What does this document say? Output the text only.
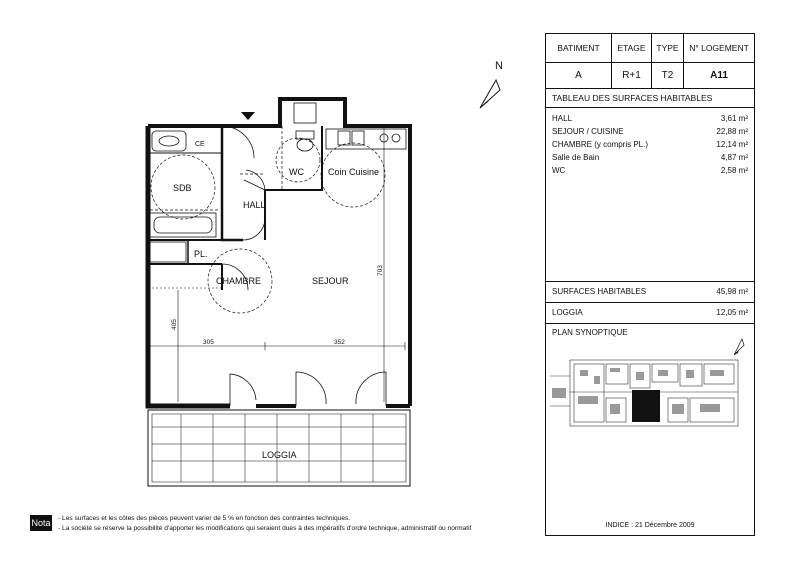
CE
SDB
HALL
WC	Coin Cuisine
PL.
CHAMBRE	SEJOUR
LOGGIA
305	352
703
405
N
Nota - Les surfaces et les côtes des pièces peuvent varier de 5 % en fonction des contraintes techniques.
- La société se réserve la possibilité d'apporter les modifications qui seraient dues à des impératifs d'ordre technique, administratif ou normatif
BATIMENT	ETAGE	TYPE	N° LOGEMENT
A	R+1	T2	A11
TABLEAU DES SURFACES HABITABLES
HALL	3,61 m²
SEJOUR / CUISINE	22,88 m²
CHAMBRE (y compris PL.)	12,14 m²
Salle de Bain	4,87 m²
WC	2,58 m²
SURFACES HABITABLES	45,98 m²
LOGGIA	12,05 m²
PLAN SYNOPTIQUE
INDICE : 21 Décembre 2009
